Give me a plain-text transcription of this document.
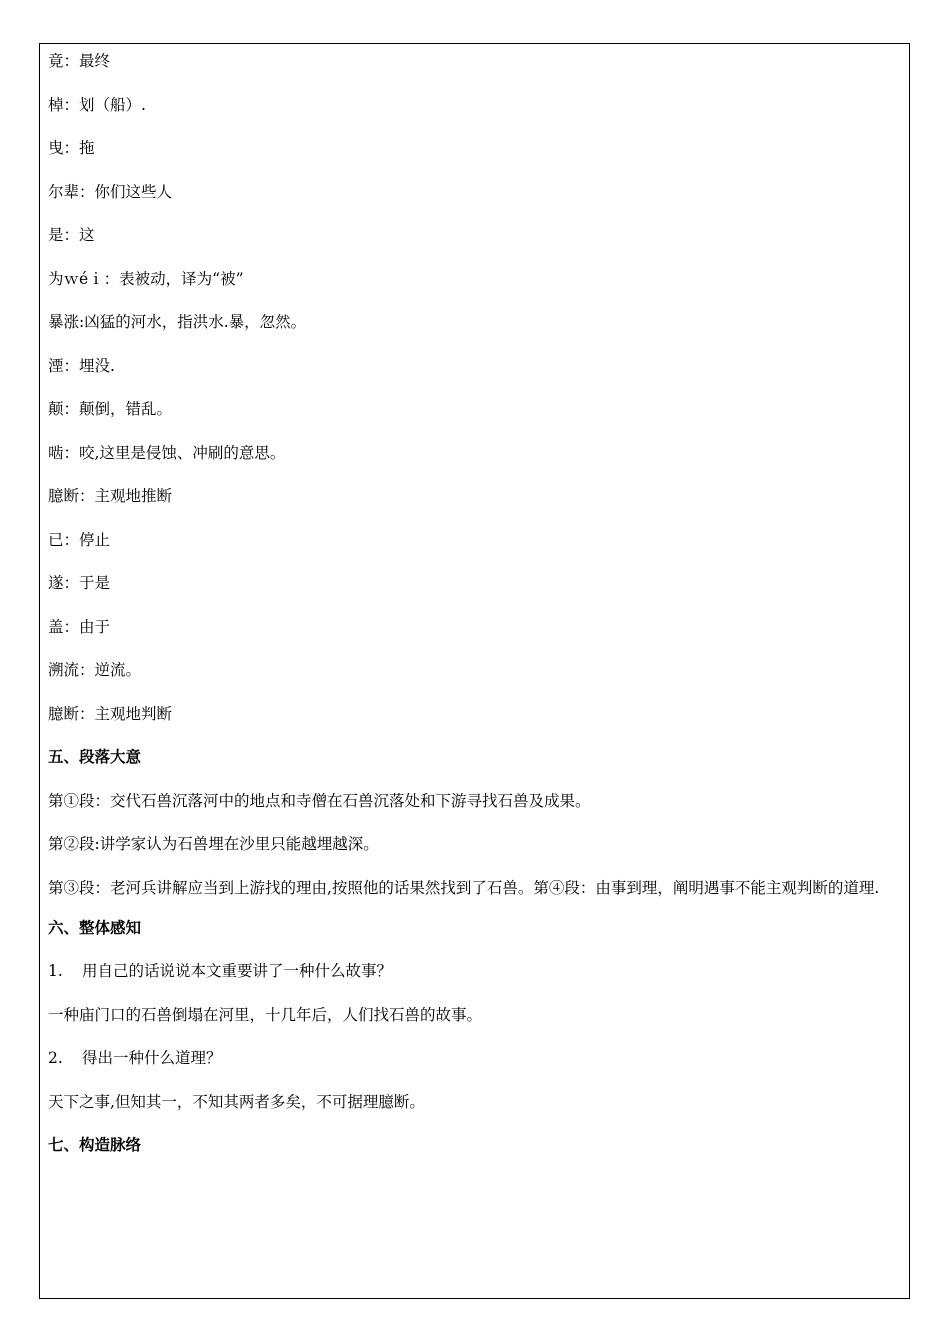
竟：最终

棹：划（船）.

曳：拖

尔辈：你们这些人

是：这

为ｗéｉ：表被动，译为“被”

暴涨:凶猛的河水，指洪水.暴，忽然。

湮：埋没.

颠：颠倒，错乱。

啮：咬,这里是侵蚀、冲刷的意思。

臆断：主观地推断

已：停止

遂：于是

盖：由于

溯流：逆流。

臆断：主观地判断

五、段落大意

第①段：交代石兽沉落河中的地点和寺僧在石兽沉落处和下游寻找石兽及成果。

第②段:讲学家认为石兽埋在沙里只能越埋越深。

第③段：老河兵讲解应当到上游找的理由,按照他的话果然找到了石兽。第④段：由事到理，阐明遇事不能主观判断的道理.

六、整体感知

1. 用自己的话说说本文重要讲了一种什么故事？

一种庙门口的石兽倒塌在河里，十几年后，人们找石兽的故事。

2. 得出一种什么道理？

天下之事,但知其一，不知其两者多矣，不可据理臆断。

七、构造脉络
